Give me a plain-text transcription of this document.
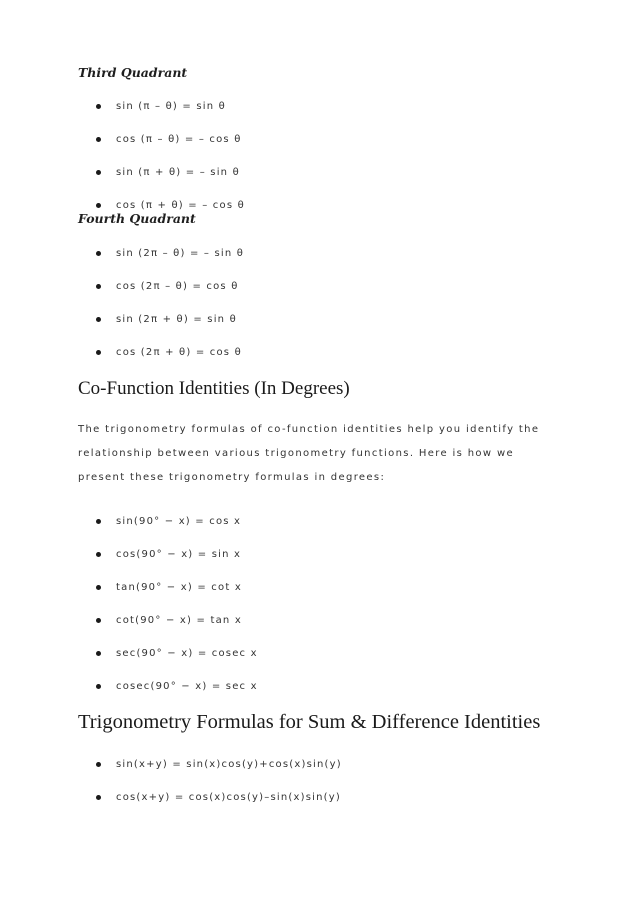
Third Quadrant
sin (π – θ) = sin θ
cos (π – θ) = – cos θ
sin (π + θ) = – sin θ
cos (π + θ) = – cos θ
Fourth Quadrant
sin (2π – θ) = – sin θ
cos (2π – θ) = cos θ
sin (2π + θ) = sin θ
cos (2π + θ) = cos θ
Co-Function Identities (In Degrees)

The trigonometry formulas of co-function identities help you identify the relationship between various trigonometry functions. Here is how we present these trigonometry formulas in degrees:

sin(90° − x) = cos x
cos(90° − x) = sin x
tan(90° − x) = cot x
cot(90° − x) = tan x
sec(90° − x) = cosec x
cosec(90° − x) = sec x
Trigonometry Formulas for Sum & Difference Identities
sin(x+y) = sin(x)cos(y)+cos(x)sin(y)
cos(x+y) = cos(x)cos(y)–sin(x)sin(y)
